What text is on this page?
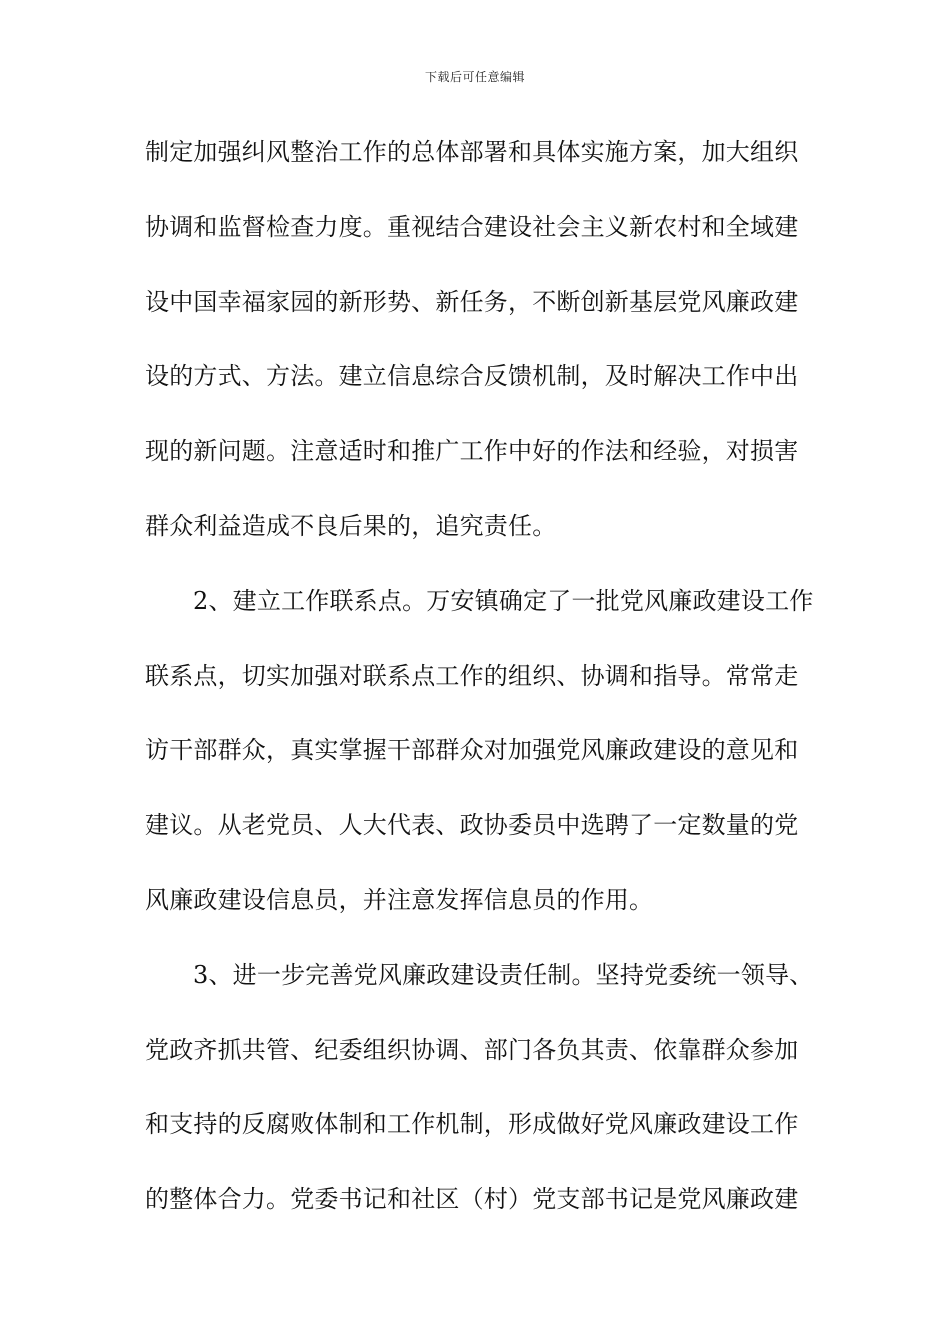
下载后可任意编辑
制定加强纠风整治工作的总体部署和具体实施方案，加大组织
协调和监督检查力度。重视结合建设社会主义新农村和全域建
设中国幸福家园的新形势、新任务，不断创新基层党风廉政建
设的方式、方法。建立信息综合反馈机制，及时解决工作中出
现的新问题。注意适时和推广工作中好的作法和经验，对损害
群众利益造成不良后果的，追究责任。
2、建立工作联系点。万安镇确定了一批党风廉政建设工作
联系点，切实加强对联系点工作的组织、协调和指导。常常走
访干部群众，真实掌握干部群众对加强党风廉政建设的意见和
建议。从老党员、人大代表、政协委员中选聘了一定数量的党
风廉政建设信息员，并注意发挥信息员的作用。
3、进一步完善党风廉政建设责任制。坚持党委统一领导、
党政齐抓共管、纪委组织协调、部门各负其责、依靠群众参加
和支持的反腐败体制和工作机制，形成做好党风廉政建设工作
的整体合力。党委书记和社区（村）党支部书记是党风廉政建
